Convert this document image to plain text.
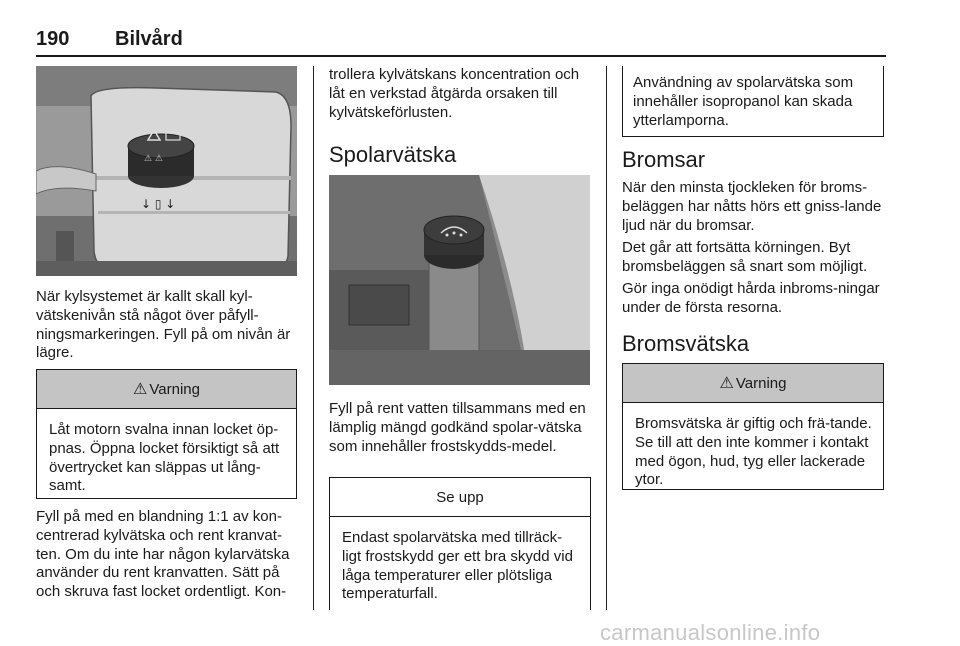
190 Bilvård
⚠ ⚠
↓ ▯ ↓

När kylsystemet är kallt skall kyl-vätskenivån stå något över påfyll-ningsmarkeringen. Fyll på om nivån är lägre.

⚠ Varning
Låt motorn svalna innan locket öp-pnas. Öppna locket försiktigt så att övertrycket kan släppas ut lång-samt.

Fyll på med en blandning 1:1 av kon-centrerad kylvätska och rent kranvat-ten. Om du inte har någon kylarvätska använder du rent kranvatten. Sätt på och skruva fast locket ordentligt. Kon-

trollera kylvätskans koncentration och låt en verkstad åtgärda orsaken till kylvätskeförlusten.

Spolarvätska

Fyll på rent vatten tillsammans med en lämplig mängd godkänd spolar-vätska som innehåller frostskydds-medel.

Se upp
Endast spolarvätska med tillräck-ligt frostskydd ger ett bra skydd vid låga temperaturer eller plötsliga temperaturfall.
Användning av spolarvätska som innehåller isopropanol kan skada ytterlamporna.
Bromsar

När den minsta tjockleken för broms-beläggen har nåtts hörs ett gniss-lande ljud när du bromsar.

Det går att fortsätta körningen. Byt bromsbeläggen så snart som möjligt.

Gör inga onödigt hårda inbroms-ningar under de första resorna.

Bromsvätska
⚠ Varning
Bromsvätska är giftig och frä-tande. Se till att den inte kommer i kontakt med ögon, hud, tyg eller lackerade ytor.
carmanualsonline.info
